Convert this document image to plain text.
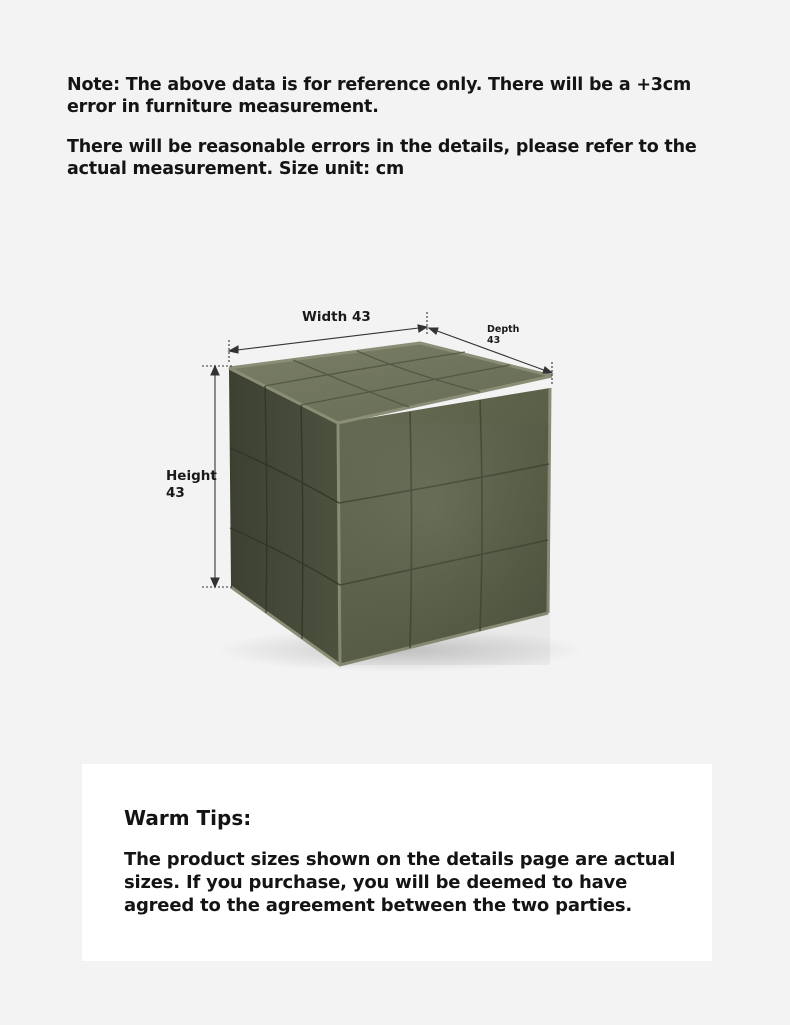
Note: The above data is for reference only. There will be a +3cm error in furniture measurement.

There will be reasonable errors in the details, please refer to the actual measurement. Size unit: cm

Width 43
Depth
43
Height
43
Warm Tips:
The product sizes shown on the details page are actual sizes. If you purchase, you will be deemed to have agreed to the agreement between the two parties.
